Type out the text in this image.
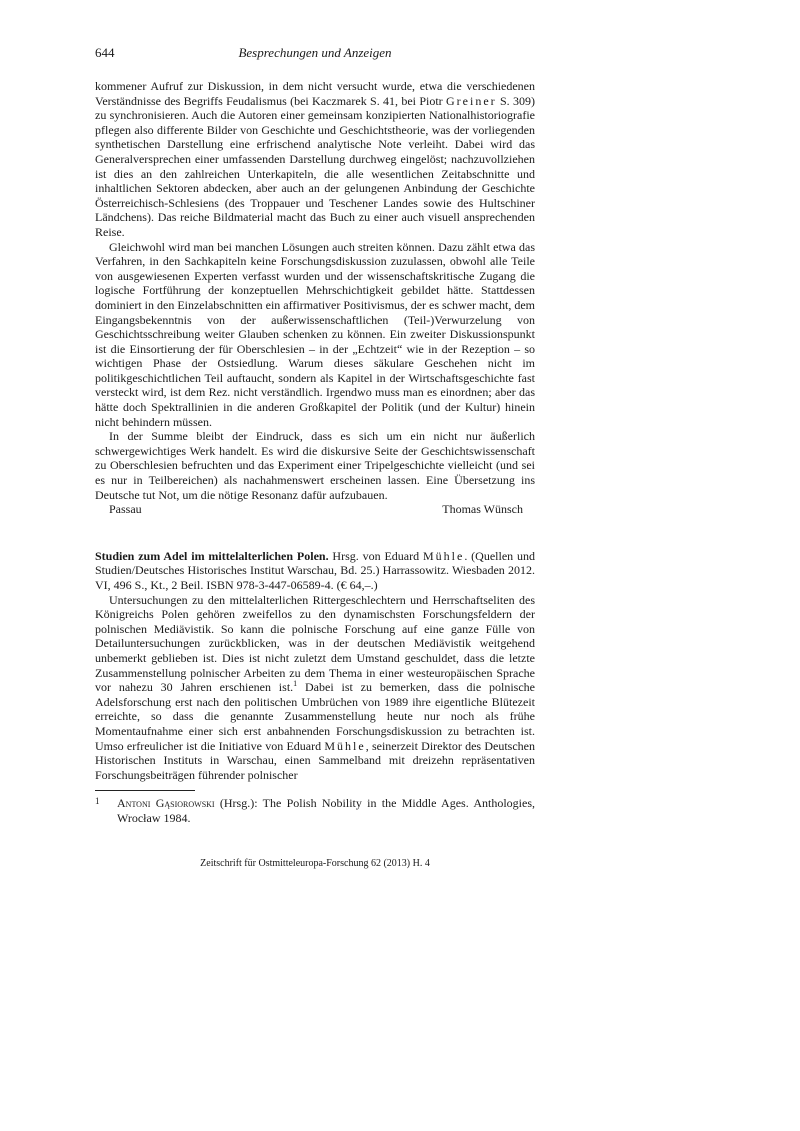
644	Besprechungen und Anzeigen

kommener Aufruf zur Diskussion, in dem nicht versucht wurde, etwa die verschiedenen Verständnisse des Begriffs Feudalismus (bei Kaczmarek S. 41, bei Piotr Greiner S. 309) zu synchronisieren. Auch die Autoren einer gemeinsam konzipierten Nationalhistoriografie pflegen also differente Bilder von Geschichte und Geschichtstheorie, was der vorliegenden synthetischen Darstellung eine erfrischend analytische Note verleiht. Dabei wird das Generalversprechen einer umfassenden Darstellung durchweg eingelöst; nachzuvollziehen ist dies an den zahlreichen Unterkapiteln, die alle wesentlichen Zeitabschnitte und inhaltlichen Sektoren abdecken, aber auch an der gelungenen Anbindung der Geschichte Österreichisch-Schlesiens (des Troppauer und Teschener Landes sowie des Hultschiner Ländchens). Das reiche Bildmaterial macht das Buch zu einer auch visuell ansprechenden Reise.

Gleichwohl wird man bei manchen Lösungen auch streiten können. Dazu zählt etwa das Verfahren, in den Sachkapiteln keine Forschungsdiskussion zuzulassen, obwohl alle Teile von ausgewiesenen Experten verfasst wurden und der wissenschaftskritische Zugang die logische Fortführung der konzeptuellen Mehrschichtigkeit gebildet hätte. Stattdessen dominiert in den Einzelabschnitten ein affirmativer Positivismus, der es schwer macht, dem Eingangsbekenntnis von der außerwissenschaftlichen (Teil-)Verwurzelung von Geschichtsschreibung weiter Glauben schenken zu können. Ein zweiter Diskussionspunkt ist die Einsortierung der für Oberschlesien – in der „Echtzeit“ wie in der Rezeption – so wichtigen Phase der Ostsiedlung. Warum dieses säkulare Geschehen nicht im politikgeschichtlichen Teil auftaucht, sondern als Kapitel in der Wirtschaftsgeschichte fast versteckt wird, ist dem Rez. nicht verständlich. Irgendwo muss man es einordnen; aber das hätte doch Spektrallinien in die anderen Großkapitel der Politik (und der Kultur) hinein nicht behindern müssen.

In der Summe bleibt der Eindruck, dass es sich um ein nicht nur äußerlich schwergewichtiges Werk handelt. Es wird die diskursive Seite der Geschichtswissenschaft zu Oberschlesien befruchten und das Experiment einer Tripelgeschichte vielleicht (und sei es nur in Teilbereichen) als nachahmenswert erscheinen lassen. Eine Übersetzung ins Deutsche tut Not, um die nötige Resonanz dafür aufzubauen.

Passau	Thomas Wünsch

Studien zum Adel im mittelalterlichen Polen. Hrsg. von Eduard Mühle. (Quellen und Studien/Deutsches Historisches Institut Warschau, Bd. 25.) Harrassowitz. Wiesbaden 2012. VI, 496 S., Kt., 2 Beil. ISBN 978-3-447-06589-4. (€ 64,–.)

Untersuchungen zu den mittelalterlichen Rittergeschlechtern und Herrschaftseliten des Königreichs Polen gehören zweifellos zu den dynamischsten Forschungsfeldern der polnischen Mediävistik. So kann die polnische Forschung auf eine ganze Fülle von Detailuntersuchungen zurückblicken, was in der deutschen Mediävistik weitgehend unbemerkt geblieben ist. Dies ist nicht zuletzt dem Umstand geschuldet, dass die letzte Zusammenstellung polnischer Arbeiten zu dem Thema in einer westeuropäischen Sprache vor nahezu 30 Jahren erschienen ist.$^1$ Dabei ist zu bemerken, dass die polnische Adelsforschung erst nach den politischen Umbrüchen von 1989 ihre eigentliche Blütezeit erreichte, so dass die genannte Zusammenstellung heute nur noch als frühe Momentaufnahme einer sich erst anbahnenden Forschungsdiskussion zu betrachten ist. Umso erfreulicher ist die Initiative von Eduard Mühle, seinerzeit Direktor des Deutschen Historischen Instituts in Warschau, einen Sammelband mit dreizehn repräsentativen Forschungsbeiträgen führender polnischer

1	Antoni Gąsiorowski (Hrsg.): The Polish Nobility in the Middle Ages. Anthologies, Wrocław 1984.
Zeitschrift für Ostmitteleuropa-Forschung 62 (2013) H. 4
